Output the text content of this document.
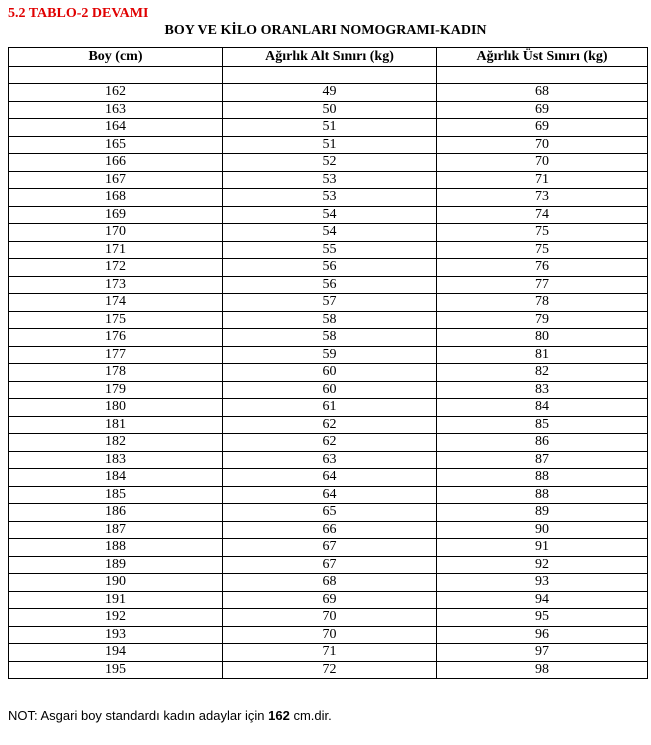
5.2 TABLO-2 DEVAMI
BOY VE KİLO ORANLARI NOMOGRAMI-KADIN
Boy (cm)	Ağırlık Alt Sınırı (kg)	Ağırlık Üst Sınırı (kg)

162	49	68
163	50	69
164	51	69
165	51	70
166	52	70
167	53	71
168	53	73
169	54	74
170	54	75
171	55	75
172	56	76
173	56	77
174	57	78
175	58	79
176	58	80
177	59	81
178	60	82
179	60	83
180	61	84
181	62	85
182	62	86
183	63	87
184	64	88
185	64	88
186	65	89
187	66	90
188	67	91
189	67	92
190	68	93
191	69	94
192	70	95
193	70	96
194	71	97
195	72	98
NOT: Asgari boy standardı kadın adaylar için 162 cm.dir.
